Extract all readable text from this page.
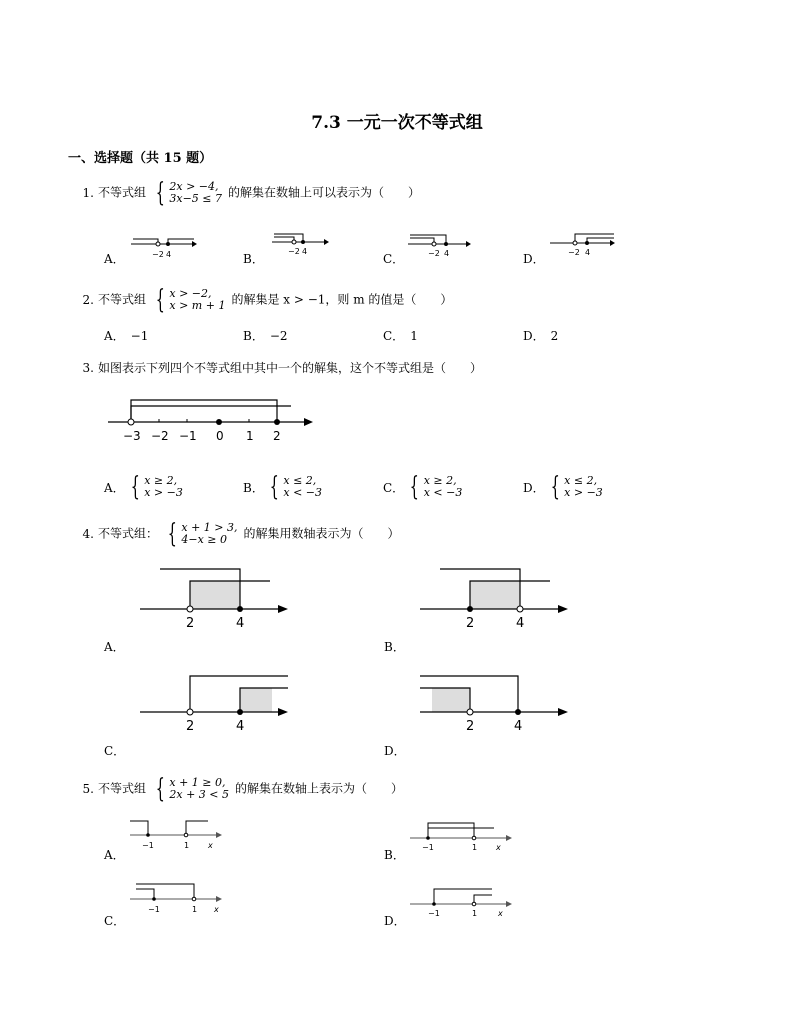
7.3 一元一次不等式组
一、选择题（共 15 题）
1. 不等式组 { 2x > −4,
3x−5 ≤ 7 的解集在数轴上可以表示为（　　）
A．	−2 4	B．
−2 4
C．	−2 4	D．	−2 4
2. 不等式组 { x > −2,
x > m + 1 的解集是 x > −1，则 m 的值是（　　）
A． −1	B． −2	C． 1	D． 2
3. 如图表示下列四个不等式组中其中一个的解集，这个不等式组是（　　）
−3 −2 −1 0 1 2
A． { x ≥ 2,
x > −3	B． { x ≤ 2,
x < −3	C． { x ≥ 2,
x < −3	D． { x ≤ 2,
x > −3
4. 不等式组： { x + 1 > 3,
4−x ≥ 0	的解集用数轴表示为（　　）
2	4
A．
2	4
B．
2	4
C．
2	4
D．
5. 不等式组 { x + 1 ≥ 0,
2x + 3 < 5 的解集在数轴上表示为（　　）
−1	1 x
A．
−1	1 x
B．
−1	1 x
C．
−1	1	x
D．
